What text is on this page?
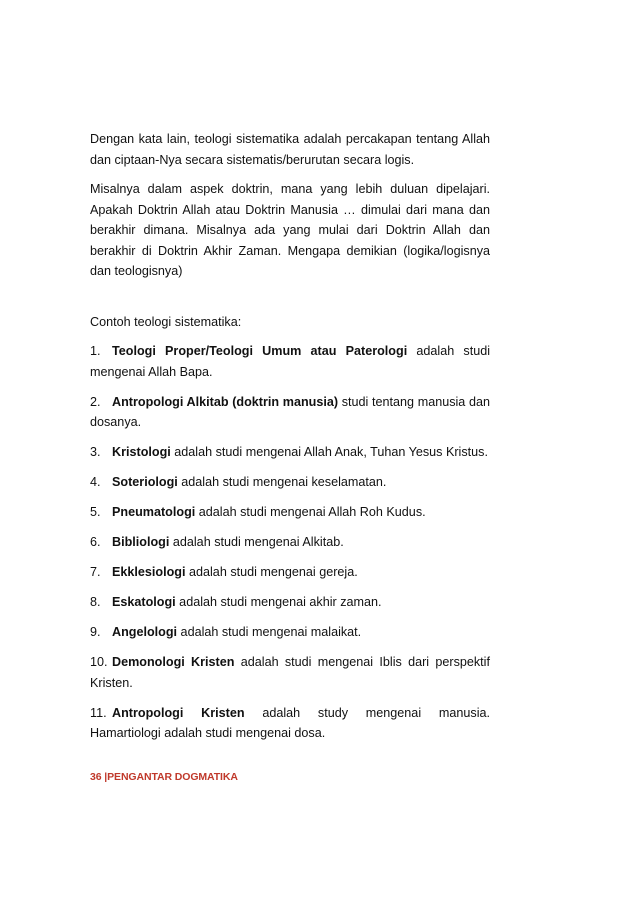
Dengan kata lain, teologi sistematika adalah percakapan tentang Allah dan ciptaan-Nya secara sistematis/berurutan secara logis.

Misalnya dalam aspek doktrin, mana yang lebih duluan dipelajari. Apakah Doktrin Allah atau Doktrin Manusia … dimulai dari mana dan berakhir dimana. Misalnya ada yang mulai dari Doktrin Allah dan berakhir di Doktrin Akhir Zaman. Mengapa demikian (logika/logisnya dan teologisnya)

Contoh teologi sistematika:

1. Teologi Proper/Teologi Umum atau Paterologi adalah studi mengenai Allah Bapa.

2. Antropologi Alkitab (doktrin manusia) studi tentang manusia dan dosanya.

3. Kristologi adalah studi mengenai Allah Anak, Tuhan Yesus Kristus.

4. Soteriologi adalah studi mengenai keselamatan.

5. Pneumatologi adalah studi mengenai Allah Roh Kudus.

6. Bibliologi adalah studi mengenai Alkitab.

7. Ekklesiologi adalah studi mengenai gereja.

8. Eskatologi adalah studi mengenai akhir zaman.

9. Angelologi adalah studi mengenai malaikat.

10. Demonologi Kristen adalah studi mengenai Iblis dari perspektif Kristen.

11. Antropologi Kristen adalah study mengenai manusia. Hamartiologi adalah studi mengenai dosa.

36 |PENGANTAR DOGMATIKA
